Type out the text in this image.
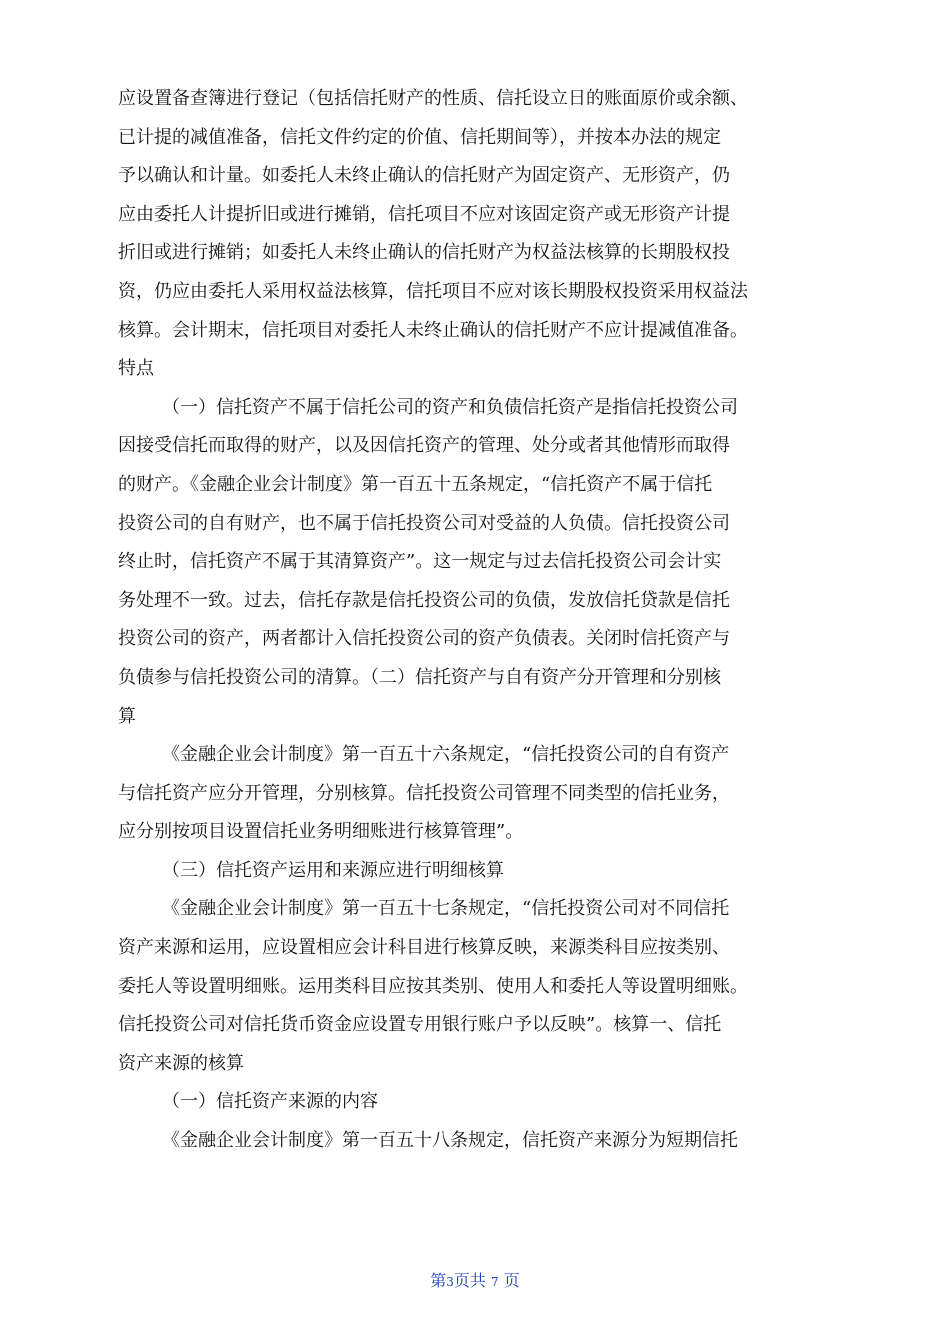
应设置备查簿进行登记（包括信托财产的性质、信托设立日的账面原价或余额、
已计提的减值准备，信托文件约定的价值、信托期间等），并按本办法的规定
予以确认和计量。如委托人未终止确认的信托财产为固定资产、无形资产，仍
应由委托人计提折旧或进行摊销，信托项目不应对该固定资产或无形资产计提
折旧或进行摊销；如委托人未终止确认的信托财产为权益法核算的长期股权投
资，仍应由委托人采用权益法核算，信托项目不应对该长期股权投资采用权益法
核算。会计期末，信托项目对委托人未终止确认的信托财产不应计提减值准备。
特点
（一）信托资产不属于信托公司的资产和负债信托资产是指信托投资公司
因接受信托而取得的财产，以及因信托资产的管理、处分或者其他情形而取得
的财产。《金融企业会计制度》第一百五十五条规定，“信托资产不属于信托
投资公司的自有财产，也不属于信托投资公司对受益的人负债。信托投资公司
终止时，信托资产不属于其清算资产”。这一规定与过去信托投资公司会计实
务处理不一致。过去，信托存款是信托投资公司的负债，发放信托贷款是信托
投资公司的资产，两者都计入信托投资公司的资产负债表。关闭时信托资产与
负债参与信托投资公司的清算。（二）信托资产与自有资产分开管理和分别核
算
《金融企业会计制度》第一百五十六条规定，“信托投资公司的自有资产
与信托资产应分开管理，分别核算。信托投资公司管理不同类型的信托业务，
应分别按项目设置信托业务明细账进行核算管理”。
（三）信托资产运用和来源应进行明细核算
《金融企业会计制度》第一百五十七条规定，“信托投资公司对不同信托
资产来源和运用，应设置相应会计科目进行核算反映，来源类科目应按类别、
委托人等设置明细账。运用类科目应按其类别、使用人和委托人等设置明细账。
信托投资公司对信托货币资金应设置专用银行账户予以反映”。核算一、信托
资产来源的核算
（一）信托资产来源的内容
《金融企业会计制度》第一百五十八条规定，信托资产来源分为短期信托
第3页共 7 页
